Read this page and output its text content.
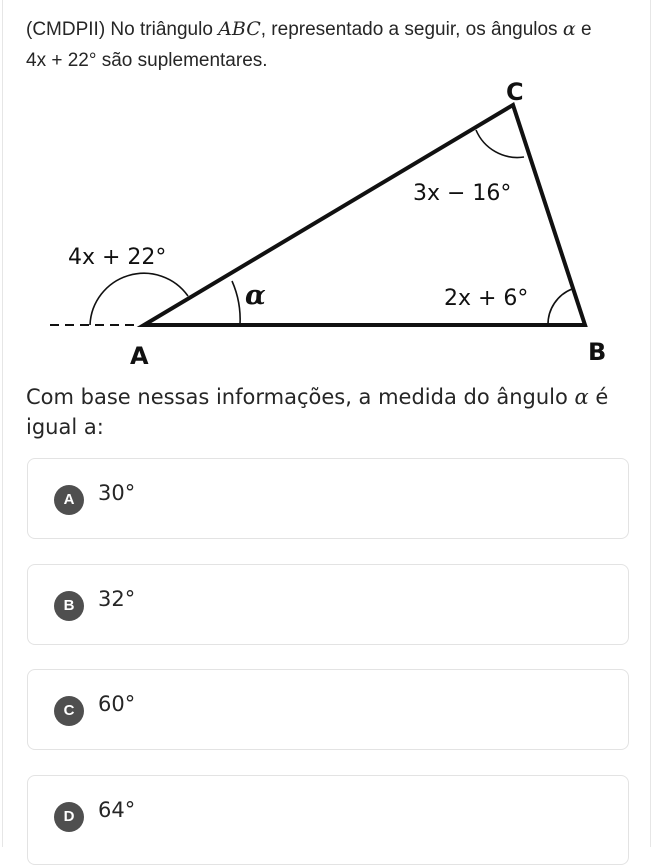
(CMDPII) No triângulo ABC, representado a seguir, os ângulos α e
4x + 22° são suplementares.
C
A	B
3x − 16°
2x + 6°
4x + 22°
α
Com base nessas informações, a medida do ângulo α é igual a:
A	30°
B	32°
C	60°
D	64°
